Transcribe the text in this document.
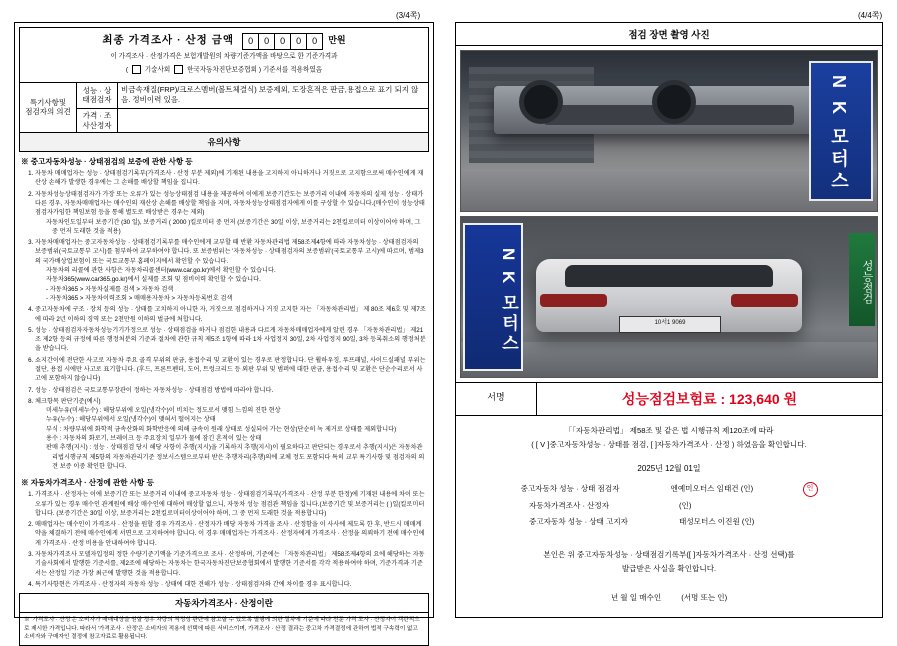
(3/4쪽)	(4/4쪽)
최종 가격조사 · 산정 금액	0	0	0	0	0	만원
이 가격조사 · 산정가격은 보험개발원의 차량기준가액을 바탕으로 한 기준가격과
(	기술사회	한국자동차진단보증협회 ) 기준서를 적용하였음

특기사항및
점검자의 의견	성능 · 상태점검자	비금속재질(FRP)/크로스멤버(볼트체결식) 보증제외, 도장흔적은 판금,용접으로 표기 되지 않음. 정비이력 있음.
	가격 · 조사산정자	
유의사항
※ 중고자동차성능 · 상태점검의 보증에 관한 사항 등
1. 자동차 매매업자는 성능 · 상태점검기록부(가격조사 · 산정 부분 제외)에 기재된 내용을 고지하지 아니하거나 거짓으로 고지함으로써 매수인에게 재산상 손해가 발생한 경우에는 그 손해를 배상할 책임을 집니다.
2. 자동차성능상태점검자가 가장 또는 오류가 있는 성능상태점검 내용을 제공하여 이에게 보증기간도는 보증거리 이내에 자동차의 실제 성능 · 상태가 다른 경우, 자동차매매업자는 매수인의 재산상 손해를 배상할 책임을 지며, 자동차성능상태점검자에게 이를 구상할 수 있습니다.(매수인이 성능상태점검자가임한 책임보험 등을 통해 별도로 배상받은 경우는 제외)
자동차인도일부터 보증기간 (30 일), 보증거리 ( 2000 )킬로미터 중 먼저 (보증기간은 30일 이상, 보증거리는 2천킬로미터 이상이어야 하며, 그 중 먼저 도래한 것을 적용)
3. 자동차매매업자는 중고자동차성능 · 상태점검기록부를 매수인에게 교부할 때 반환 자동차관리법 제58조제4항에 따라 자동차성능 · 상태점검자의 보증범위(국토교통부 고시)를 첨부하여 교부하여야 합니다. 또 보증범위는 '자동차성능 · 상태점검자의 보증범위'(국토교통부 고시)에 따르며, 범제3의 국가배상업보험이 또는 국토교통부 홈페이지에서 확인할 수 있습니다.
자동차의 리콜에 관한 사항은 자동차리콜센터(www.car.go.kr)에서 확인할 수 있습니다.
자동차365(www.car365.go.kr)에서 실제를 조회 및 점비이력 확인할 수 있습니다.
- 자동차365 > 자동차실제를 검색 > 자동차 검색
- 자동차365 > 자동차이력조회 > 매매용자동차 > 자동차등록번호 검색
4. 중고자동차에 구조 · 장치 등의 성능 · 상태를 고치하지 아니한 자, 거짓으로 점검하거나 거짓 고지한 자는 「자동차관리법」 제 80조 제6호 및 제7조에 따라 2년 이하의 징역 또는 2천만원 이하의 벌금에 처합니다.
5. 성능 · 상태점검자자동차성능기기가정으로 성능 · 상태점검을 하거나 점검한 내용과 다르게 자동차매매업자에게 알린 경우 「자동차관리법」 제21조 제2항 등의 규정에 따른 행정처분의 기준과 절차에 관한 규칙 제5조 1항에 따라 1차 사업정지 30일, 2차 사업정지 90일, 3차 등록취소의 행정처분을 받습니다.
6. 쇼지간이에 전단한 사고로 자동차 주요 골격 부위의 판금, 용접수리 및 교환이 있는 경우로 판정합니다. 단 휠하우징, 루프패널, 사이드실패널 부위는 절단, 용접 시에만 사고로 표기합니다. (후드, 프론트펜더, 도어, 트렁크리드 등 외판 부위 및 범퍼에 대한 판금, 용접수리 및 교환은 단순수리로서 사고에 포함하지 않습니다)
7. 성능 · 상태점검은 국토교통부장관이 정하는 자동차성능 · 상태점검 방법에 따라야 합니다.
8. 체크항목 판단기준(예시)
미세누유(미세누수) : 해당부위에 오일(냉각수)이 비치는 정도로서 맺힘 느낌의 진한 현상
누유(누수) : 해당부위에서 오일(냉각수)이 맺혀서 떨어지는 상태
부식 : 차량부위에 화학적 금속산화의 화학반응에 의해 금속이 원래 상태로 성실되어 가는 현상(단순히 녹 제거로 상태를 제외합니다)
용수 : 자동차의 화로기, 브레이크 등 주요장치 일부가 물에 잠긴 흔적이 있는 상태
판매 추행(지시) : 성능 · 상태점검 당시 해당 사항이 추행(지시)을 기록하지 추행(지시)이 필요하다고 판단되는 경우로서 추행(지시)은 자동차관리법시행규칙 제5항의 자동차관리기준 정보시스템으로부터 받은 추행자리(추행)의에 교체 정도 포함되다 특히 교부 특기사항 및 점검자의 의견 보증 이중 확인한 합니다.
※ 자동차가격조사 · 산정에 관한 사항 등
1. 가격조사 · 산정자는 이에 보증기간 또는 보증거리 이내에 중고자동차 성능 · 상태점검기록부(가격조사 · 산정 부분 한정)에 기재된 내용에 차이 또는 오류가 있는 경우 매수인 관계원에 배상 매수인에 대하여 매상할 없으니, 자동차 성능 점검관 책임을 집니다.(보증기간 및 보증거리는 ( )일(킬로미터 합니다. (보증기간은 30일 이상, 보증거리는 2천킬로미터이상이어야 하며, 그 중 먼저 도래한 것을 적용합니다)
2. 매매업자는 매수인이 가격조사 · 산정을 원할 경우 가격조사 · 산정자가 배당 자동차 가격을 조사 · 산정함을 이 사사에 제도록 한 후, 반드시 매매계약을 체결하기 전에 매수인에게 서면으로 고지하여야 합니다. 이 경우 매매업자는 가격조사 · 산정자에게 가격조사 · 산정을 의뢰하기 전에 매수인에게 가격조사 · 산정 비용을 안내하여야 합니다.
3. 자동차가격조사 모델자입정의 정한 수량기준기액을 기준가격으로 조사 · 산정하며, 기준에는 「자동차관리법」 제58조제4항의 요에 해당하는 자동 기술사회에서 발행한 기준서를, 제2조에 해당하는 자동차는 한국자동차진단보증협회에서 발행한 기준서를 각각 적용하여야 하며, 기준가격과 기준서는 산정일 기준 가장 최근에 발행한 것을 적용합니다.
4. 특기사항현은 가격조사 · 산정자의 자동차 성능 · 상태에 대한 견해가 성능 · 상태점검자와 간에 차이를 경우 표시합니다.
자동차가격조사 · 산정이란
※ '가격조사 · 산정'은 소비자가 매매대상을 원할 경우 차량의 적정성 판단에 참고할 수 있도록 별행에 의한 절차에 기준에 따라 전문 가격 조사 · 산정자이 객관적으로 제시한 가격입니다. 따라서 '가격조사 · 산정'은 소비자의 적용에 선택에 따른 서비스이며, 가격조사 · 산정 결과는 중고차 가격결정에 관하여 법적 구속력이 없고 소비자와 구매자인 결정에 참고자료로 활용됩니다.
점검 장면 촬영 사진
N K 모터스
10서1 9069
N K 모터스	성능점검
서명	성능점검보험료 : 123,640 원
「「자동차관리법」 제58조 및 같은 법 시행규칙 제120조에 따라
( [ V ]중고자동차성능 · 상태를 점검, [ ]자동차가격조사 · 산정 ) 하였음을 확인합니다.
2025년 12월 01일
중고자동차 성능 · 상태 점검자	엔예미오터스 임태건 (인)	인
자동차가격조사 · 산정자	(인)
중고자동차 성능 · 상태 고지자	태성모터스 이진원 (인)
본인은 위 중고자동차성능 · 상태점검기록부([ ]자동차가격조사 · 산정 선택)를
발급받은 사실을 확인합니다.
년 월 일 매수인	(서명 또는 인)
